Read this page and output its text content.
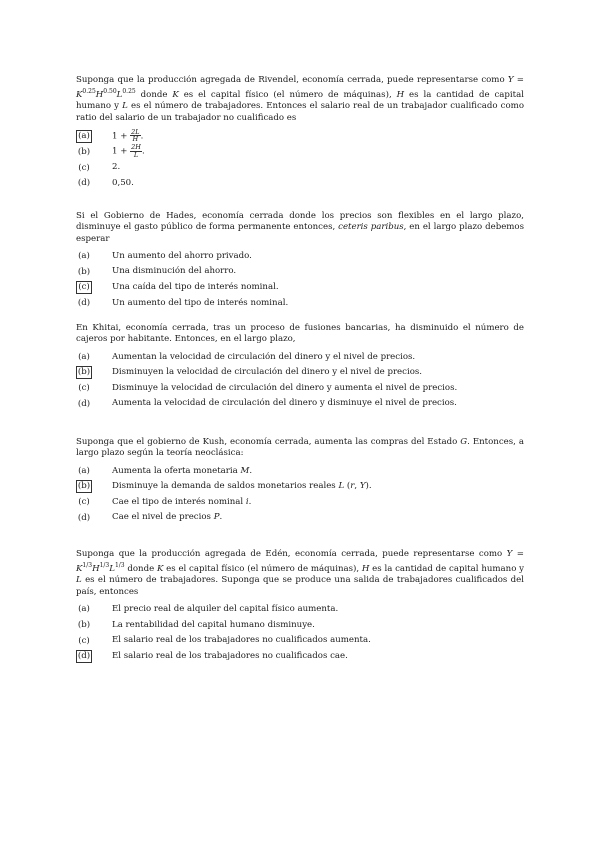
Suponga que la producción agregada de Rivendel, economía cerrada, puede representarse como $Y = K^{0.25}H^{0.50}L^{0.25}$ donde K es el capital físico (el número de máquinas), H es la cantidad de capital humano y L es el número de trabajadores. Entonces el salario real de un trabajador cualificado como ratio del salario de un trabajador no cualificado es

(a)	$1 + \frac{2L}{H}$ .
(b)	$1 + \frac{2H}{L}$ .
(c)	2.
(d)	0,50.

Si el Gobierno de Hades, economía cerrada donde los precios son flexibles en el largo plazo, disminuye el gasto público de forma permanente entonces, ceteris paribus, en el largo plazo debemos esperar

(a)	Un aumento del ahorro privado.
(b)	Una disminución del ahorro.
(c)	Una caída del tipo de interés nominal.
(d)	Un aumento del tipo de interés nominal.

En Khitai, economía cerrada, tras un proceso de fusiones bancarias, ha disminuido el número de cajeros por habitante. Entonces, en el largo plazo,

(a)	Aumentan la velocidad de circulación del dinero y el nivel de precios.
(b)	Disminuyen la velocidad de circulación del dinero y el nivel de precios.
(c)	Disminuye la velocidad de circulación del dinero y aumenta el nivel de precios.
(d)	Aumenta la velocidad de circulación del dinero y disminuye el nivel de precios.

Suponga que el gobierno de Kush, economía cerrada, aumenta las compras del Estado G. Entonces, a largo plazo según la teoría neoclásica:

(a)	Aumenta la oferta monetaria M.
(b)	Disminuye la demanda de saldos monetarios reales L (r, Y).
(c)	Cae el tipo de interés nominal i.
(d)	Cae el nivel de precios P.

Suponga que la producción agregada de Edén, economía cerrada, puede representarse como $Y = K^{1/3}H^{1/3}L^{1/3}$ donde K es el capital físico (el número de máquinas), H es la cantidad de capital humano y L es el número de trabajadores. Suponga que se produce una salida de trabajadores cualificados del país, entonces

(a)	El precio real de alquiler del capital físico aumenta.
(b)	La rentabilidad del capital humano disminuye.
(c)	El salario real de los trabajadores no cualificados aumenta.
(d)	El salario real de los trabajadores no cualificados cae.
